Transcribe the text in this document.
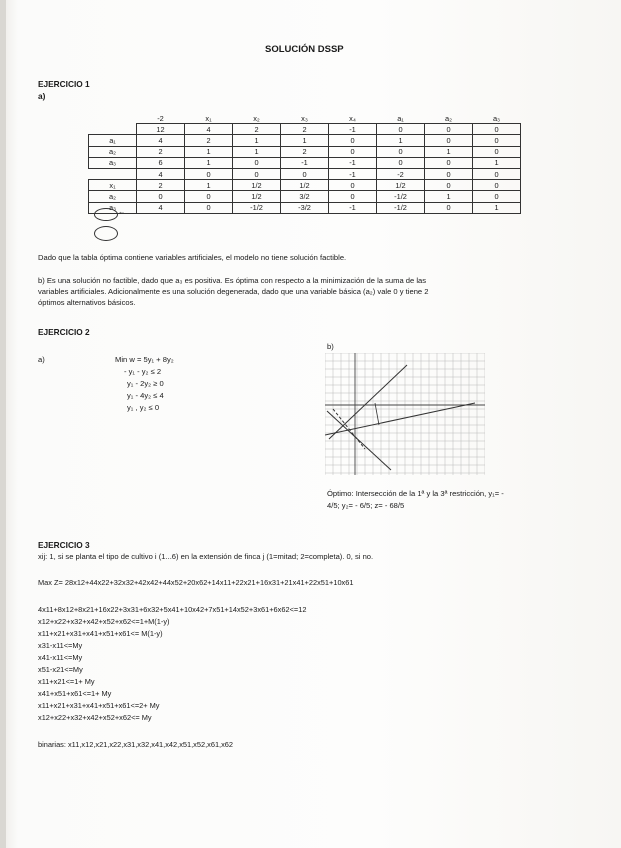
SOLUCIÓN DSSP
EJERCICIO 1
a)
	-2	x₁	x₂	x₃	x₄	a₁	a₂	a₃
	12	4	2	2	-1	0	0	0
a₁	4	2	1	1	0	1	0	0
a₂	2	1	1	2	0	0	1	0
a₃	6	1	0	-1	-1	0	0	1
	4	0	0	0	-1	-2	0	0
x₁	2	1	1/2	1/2	0	1/2	0	0
a₂	0	0	1/2	3/2	0	-1/2	1	0
a₃	4	0	-1/2	-3/2	-1	-1/2	0	1
←
Dado que la tabla óptima contiene variables artificiales, el modelo no tiene solución factible.
b) Es una solución no factible, dado que a₃ es positiva. Es óptima con respecto a la minimización de la suma de las
variables artificiales. Adicionalmente es una solución degenerada, dado que una variable básica (a₂) vale 0 y tiene 2
óptimos alternativos básicos.
EJERCICIO 2
a)	Min w = 5y₁ + 8y₂
- y₁ - y₂ ≤ 2
y₁ - 2y₂ ≥ 0
y₁ - 4y₂ ≤ 4
y₁ , y₂ ≤ 0
b)
Óptimo: Intersección de la 1ª y la 3ª restricción, y₁= -
4/5; y₂= - 6/5; z= - 68/5
EJERCICIO 3
xij: 1, si se planta el tipo de cultivo i (1...6) en la extensión de finca j (1=mitad; 2=completa). 0, si no.
Max Z= 28x12+44x22+32x32+42x42+44x52+20x62+14x11+22x21+16x31+21x41+22x51+10x61
4x11+8x12+8x21+16x22+3x31+6x32+5x41+10x42+7x51+14x52+3x61+6x62<=12
x12+x22+x32+x42+x52+x62<=1+M(1-y)
x11+x21+x31+x41+x51+x61<= M(1-y)
x31-x11<=My
x41-x11<=My
x51-x21<=My
x11+x21<=1+ My
x41+x51+x61<=1+ My
x11+x21+x31+x41+x51+x61<=2+ My
x12+x22+x32+x42+x52+x62<= My
binarias: x11,x12,x21,x22,x31,x32,x41,x42,x51,x52,x61,x62
